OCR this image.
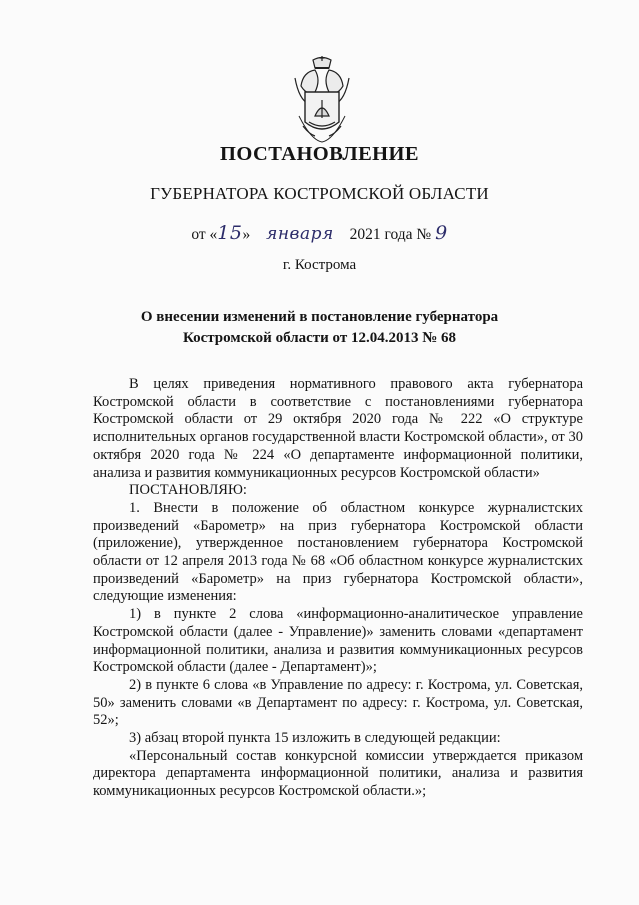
ПОСТАНОВЛЕНИЕ
ГУБЕРНАТОРА КОСТРОМСКОЙ ОБЛАСТИ
от «15» января 2021 года № 9
г. Кострома
О внесении изменений в постановление губернатора
Костромской области от 12.04.2013 № 68

В целях приведения нормативного правового акта губернатора Костромской области в соответствие с постановлениями губернатора Костромской области от 29 октября 2020 года № 222 «О структуре исполнительных органов государственной власти Костромской области», от 30 октября 2020 года № 224 «О департаменте информационной политики, анализа и развития коммуникационных ресурсов Костромской области»

ПОСТАНОВЛЯЮ:

1. Внести в положение об областном конкурсе журналистских произведений «Барометр» на приз губернатора Костромской области (приложение), утвержденное постановлением губернатора Костромской области от 12 апреля 2013 года № 68 «Об областном конкурсе журналистских произведений «Барометр» на приз губернатора Костромской области», следующие изменения:

1) в пункте 2 слова «информационно-аналитическое управление Костромской области (далее - Управление)» заменить словами «департамент информационной политики, анализа и развития коммуникационных ресурсов Костромской области (далее - Департамент)»;

2) в пункте 6 слова «в Управление по адресу: г. Кострома, ул. Советская, 50» заменить словами «в Департамент по адресу: г. Кострома, ул. Советская, 52»;

3) абзац второй пункта 15 изложить в следующей редакции:

«Персональный состав конкурсной комиссии утверждается приказом директора департамента информационной политики, анализа и развития коммуникационных ресурсов Костромской области.»;
